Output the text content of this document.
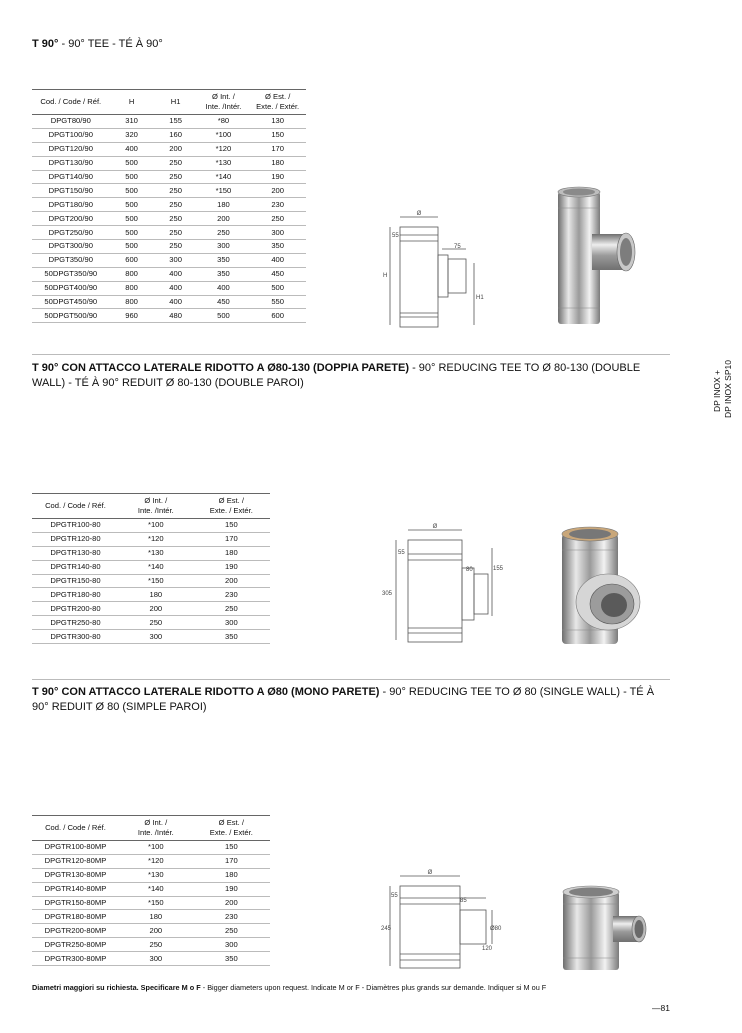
T 90° - 90° TEE - TÉ À 90°
Cod. / Code / Réf.	H	H1	Ø Int. /
Inte. /Intér.	Ø Est. /
Exte. / Extér.
DPGT80/90	310	155	*80	130
DPGT100/90	320	160	*100	150
DPGT120/90	400	200	*120	170
DPGT130/90	500	250	*130	180
DPGT140/90	500	250	*140	190
DPGT150/90	500	250	*150	200
DPGT180/90	500	250	180	230
DPGT200/90	500	250	200	250
DPGT250/90	500	250	250	300
DPGT300/90	500	250	300	350
DPGT350/90	600	300	350	400
50DPGT350/90	800	400	350	450
50DPGT400/90	800	400	400	500
50DPGT450/90	800	400	450	550
50DPGT500/90	960	480	500	600
Ø
55
75
H
H1
T 90° CON ATTACCO LATERALE RIDOTTO A Ø80-130 (DOPPIA PARETE) - 90° REDUCING TEE TO Ø 80-130 (DOUBLE WALL) - TÉ À 90° REDUIT Ø 80-130 (DOUBLE PAROI)
Cod. / Code / Réf.	Ø Int. /
Inte. /Intér.	Ø Est. /
Exte. / Extér.
DPGTR100-80	*100	150
DPGTR120-80	*120	170
DPGTR130-80	*130	180
DPGTR140-80	*140	190
DPGTR150-80	*150	200
DPGTR180-80	180	230
DPGTR200-80	200	250
DPGTR250-80	250	300
DPGTR300-80	300	350
Ø
55
80	155
305
T 90° CON ATTACCO LATERALE RIDOTTO A Ø80 (MONO PARETE) - 90° REDUCING TEE TO Ø 80 (SINGLE WALL) - TÉ À 90° REDUIT Ø 80 (SIMPLE PAROI)
Cod. / Code / Réf.	Ø Int. /
Inte. /Intér.	Ø Est. /
Exte. / Extér.
DPGTR100-80MP	*100	150
DPGTR120-80MP	*120	170
DPGTR130-80MP	*130	180
DPGTR140-80MP	*140	190
DPGTR150-80MP	*150	200
DPGTR180-80MP	180	230
DPGTR200-80MP	200	250
DPGTR250-80MP	250	300
DPGTR300-80MP	300	350
Ø
55
85
Ø80
120
245
DP INOX + DP INOX SP10
Diametri maggiori su richiesta. Specificare M o F - Bigger diameters upon request. Indicate M or F - Diamètres plus grands sur demande. Indiquer si M ou F
—81
